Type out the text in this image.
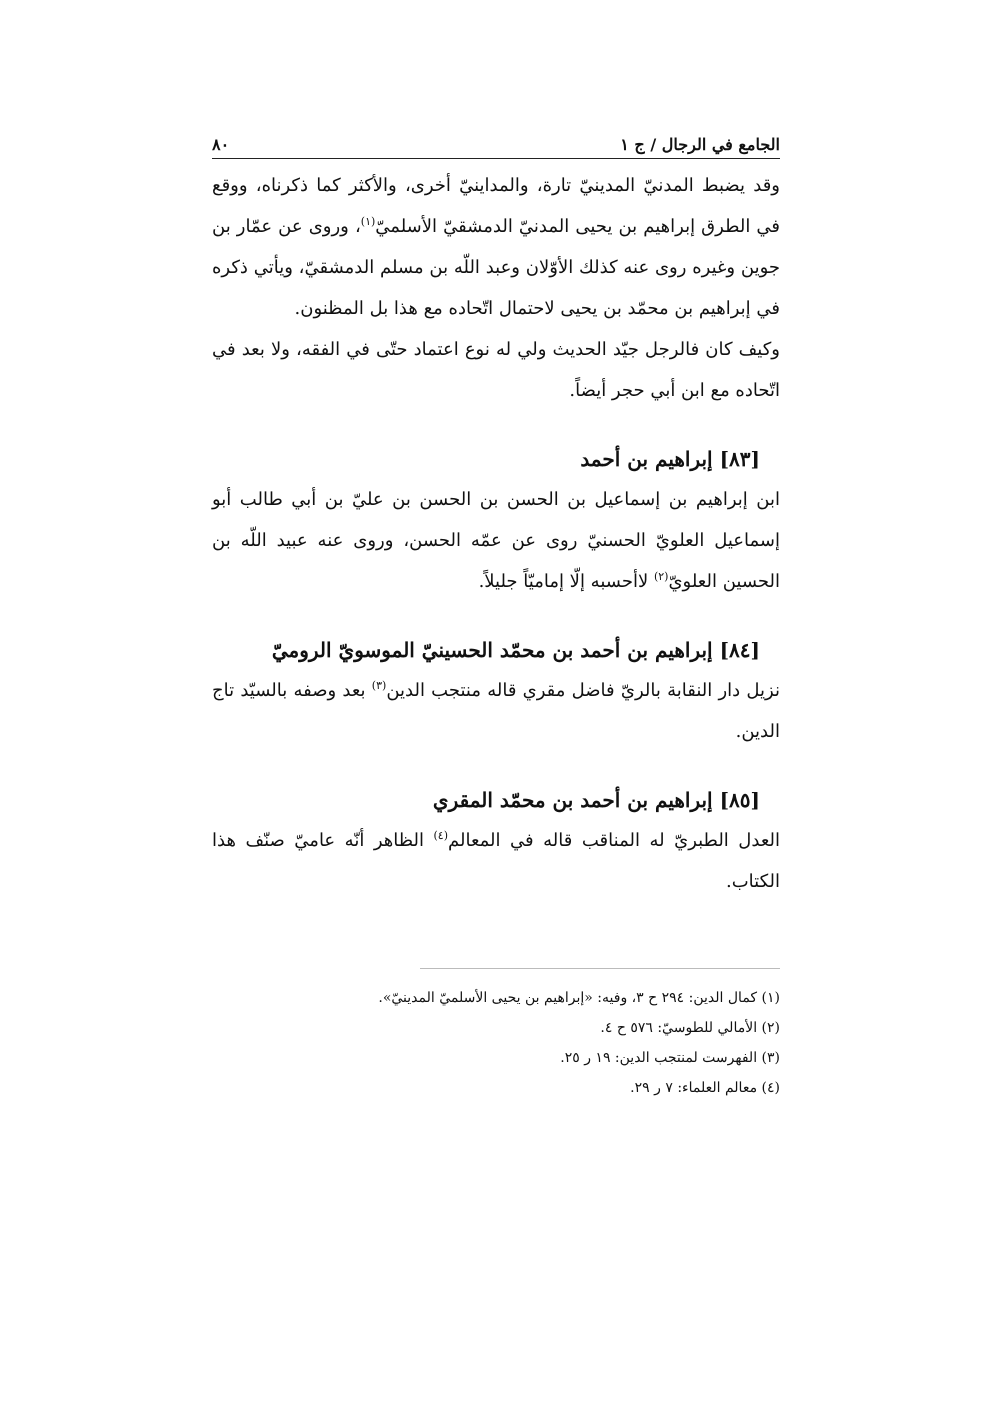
الجامع في الرجال / ج ١
٨٠

وقد يضبط المدنيّ المدينيّ تارة، والمداينيّ أخرى، والأكثر كما ذكرناه، ووقع في الطرق إبراهيم بن يحيى المدنيّ الدمشقيّ الأسلميّ$^{(١)}$، وروى عن عمّار بن جوين وغيره روى عنه كذلك الأوّلان وعبد اللّه بن مسلم الدمشقيّ، ويأتي ذكره في إبراهيم بن محمّد بن يحيى لاحتمال اتّحاده مع هذا بل المظنون.

وكيف كان فالرجل جيّد الحديث ولي له نوع اعتماد حتّى في الفقه، ولا بعد في اتّحاده مع ابن أبي حجر أيضاً.

[٨٣] إبراهيم بن أحمد

ابن إبراهيم بن إسماعيل بن الحسن بن الحسن بن عليّ بن أبي طالب أبو إسماعيل العلويّ الحسنيّ روى عن عمّه الحسن، وروى عنه عبيد اللّه بن الحسين العلويّ$^{(٢)}$ لاأحسبه إلّا إماميّاً جليلاً.

[٨٤] إبراهيم بن أحمد بن محمّد الحسينيّ الموسويّ الروميّ

نزيل دار النقابة بالريّ فاضل مقري قاله منتجب الدين$^{(٣)}$ بعد وصفه بالسيّد تاج الدين.

[٨٥] إبراهيم بن أحمد بن محمّد المقري

العدل الطبريّ له المناقب قاله في المعالم$^{(٤)}$ الظاهر أنّه عاميّ صنّف هذا الكتاب.

(١) كمال الدين: ٢٩٤ ح ٣، وفيه: «إبراهيم بن يحيى الأسلميّ المدينيّ».

(٢) الأمالي للطوسيّ: ٥٧٦ ح ٤.

(٣) الفهرست لمنتجب الدين: ١٩ ر ٢٥.

(٤) معالم العلماء: ٧ ر ٢٩.
